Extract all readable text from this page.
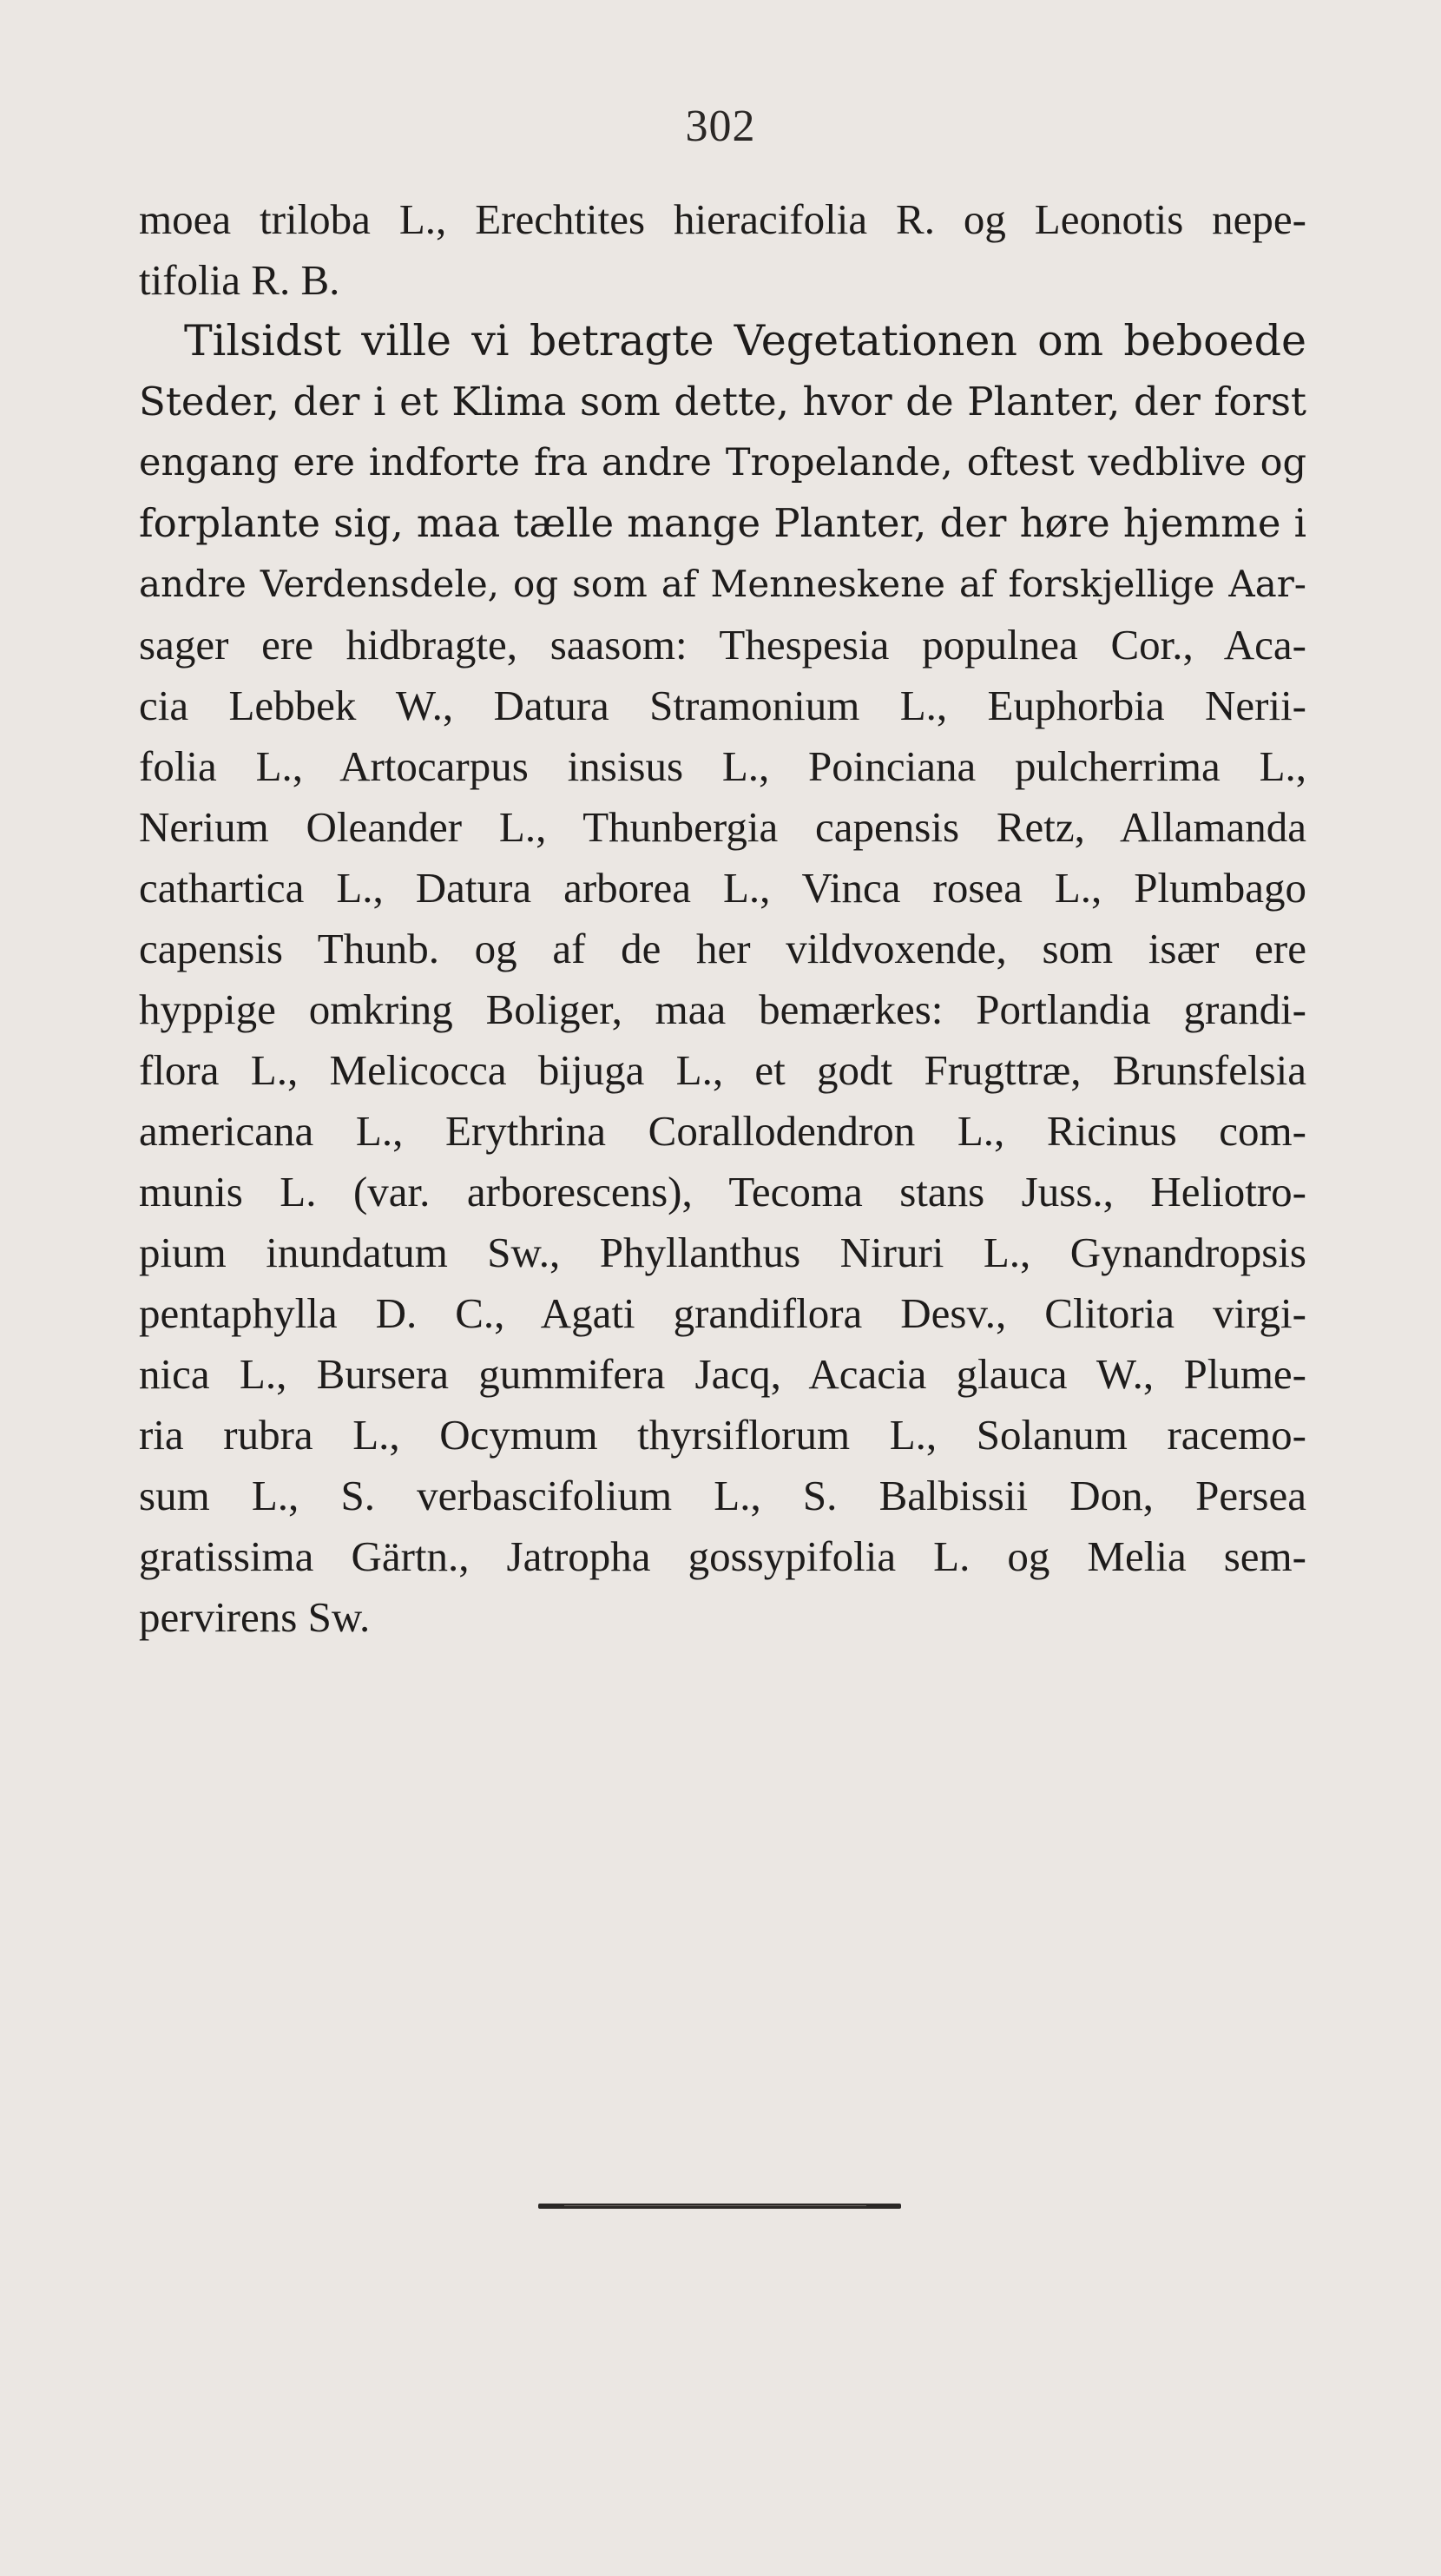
302
moea triloba L., Erechtites hieracifolia R. og Leonotis nepe-
tifolia R. B.
Tilsidst ville vi betragte Vegetationen om beboede
Steder, der i et Klima som dette, hvor de Planter, der forst
engang ere indforte fra andre Tropelande, oftest vedblive og
forplante sig, maa tælle mange Planter, der høre hjemme i
andre Verdensdele, og som af Menneskene af forskjellige Aar-
sager ere hidbragte, saasom: Thespesia populnea Cor., Aca-
cia Lebbek W., Datura Stramonium L., Euphorbia Nerii-
folia L., Artocarpus insisus L., Poinciana pulcherrima L.,
Nerium Oleander L., Thunbergia capensis Retz, Allamanda
cathartica L., Datura arborea L., Vinca rosea L., Plumbago
capensis Thunb. og af de her vildvoxende, som især ere
hyppige omkring Boliger, maa bemærkes: Portlandia grandi-
flora L., Melicocca bijuga L., et godt Frugttræ, Brunsfelsia
americana L., Erythrina Corallodendron L., Ricinus com-
munis L. (var. arborescens), Tecoma stans Juss., Heliotro-
pium inundatum Sw., Phyllanthus Niruri L., Gynandropsis
pentaphylla D. C., Agati grandiflora Desv., Clitoria virgi-
nica L., Bursera gummifera Jacq, Acacia glauca W., Plume-
ria rubra L., Ocymum thyrsiflorum L., Solanum racemo-
sum L., S. verbascifolium L., S. Balbissii Don, Persea
gratissima Gärtn., Jatropha gossypifolia L. og Melia sem-
pervirens Sw.
